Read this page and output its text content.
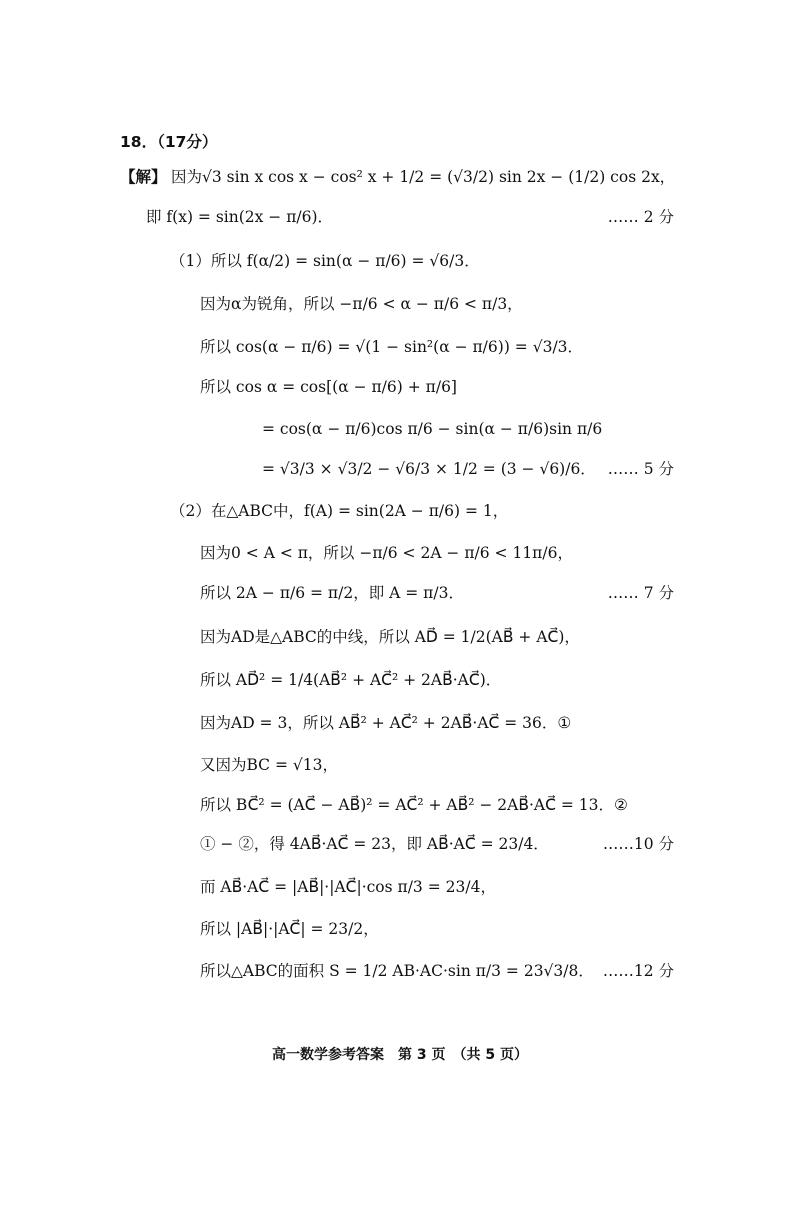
18．（17分）
因为√3 sin x cos x − cos² x + 1/2 = (√3/2) sin 2x − (1/2) cos 2x，
【解】
即 f(x) = sin(2x − π/6)．	…… 2 分
（1）所以 f(α/2) = sin(α − π/6) = √6/3．
因为α为锐角，所以 −π/6 < α − π/6 < π/3，
所以 cos(α − π/6) = √(1 − sin²(α − π/6)) = √3/3．
所以 cos α = cos[(α − π/6) + π/6]
= cos(α − π/6)cos π/6 − sin(α − π/6)sin π/6
= √3/3 × √3/2 − √6/3 × 1/2 = (3 − √6)/6． …… 5 分
（2）在△ABC中，f(A) = sin(2A − π/6) = 1，
因为0 < A < π，所以 −π/6 < 2A − π/6 < 11π/6，
所以 2A − π/6 = π/2，即 A = π/3．	…… 7 分
因为AD是△ABC的中线，所以 AD⃗ = 1/2(AB⃗ + AC⃗)，
所以 AD⃗² = 1/4(AB⃗² + AC⃗² + 2AB⃗·AC⃗)．
因为AD = 3，所以 AB⃗² + AC⃗² + 2AB⃗·AC⃗ = 36．①
又因为BC = √13，
所以 BC⃗² = (AC⃗ − AB⃗)² = AC⃗² + AB⃗² − 2AB⃗·AC⃗ = 13．②
① − ②，得 4AB⃗·AC⃗ = 23，即 AB⃗·AC⃗ = 23/4．	……10 分
而 AB⃗·AC⃗ = |AB⃗|·|AC⃗|·cos π/3 = 23/4，
所以 |AB⃗|·|AC⃗| = 23/2，
所以△ABC的面积 S = 1/2 AB·AC·sin π/3 = 23√3/8． ……12 分
高一数学参考答案　第 3 页　（共 5 页）
